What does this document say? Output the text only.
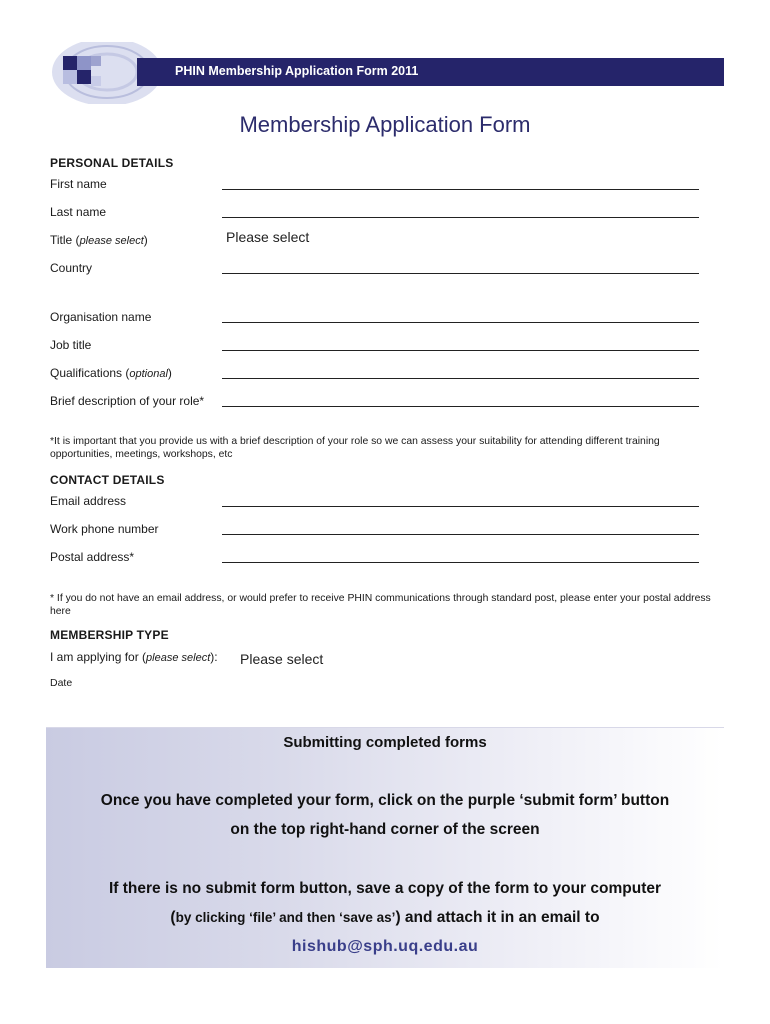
PHIN Membership Application Form 2011
Membership Application Form
PERSONAL DETAILS
First name
Last name
Title (please select)	Please select
Country
Organisation name
Job title
Qualifications (optional)
Brief description of your role*
*It is important that you provide us with a brief description of your role so we can assess your suitability for attending different training opportunities, meetings, workshops, etc
CONTACT DETAILS
Email address
Work phone number
Postal address*
* If you do not have an email address, or would prefer to receive PHIN communications through standard post, please enter your postal address here
MEMBERSHIP TYPE
I am applying for (please select): Please select
Date
Submitting completed forms
Once you have completed your form, click on the purple ‘submit form’ button
on the top right-hand corner of the screen
If there is no submit form button, save a copy of the form to your computer
(by clicking ‘file’ and then ‘save as’) and attach it in an email to
hishub@sph.uq.edu.au
